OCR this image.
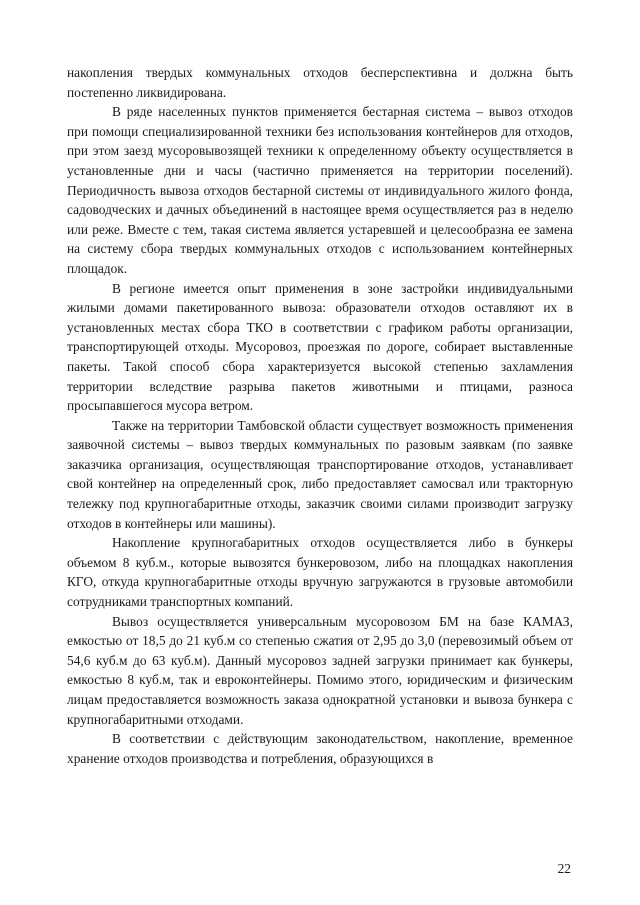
накопления твердых коммунальных отходов бесперспективна и должна быть постепенно ликвидирована.

В ряде населенных пунктов применяется бестарная система – вывоз отходов при помощи специализированной техники без использования контейнеров для отходов, при этом заезд мусоровывозящей техники к определенному объекту осуществляется в установленные дни и часы (частично применяется на территории поселений). Периодичность вывоза отходов бестарной системы от индивидуального жилого фонда, садоводческих и дачных объединений в настоящее время осуществляется раз в неделю или реже. Вместе с тем, такая система является устаревшей и целесообразна ее замена на систему сбора твердых коммунальных отходов с использованием контейнерных площадок.

В регионе имеется опыт применения в зоне застройки индивидуальными жилыми домами пакетированного вывоза: образователи отходов оставляют их в установленных местах сбора ТКО в соответствии с графиком работы организации, транспортирующей отходы. Мусоровоз, проезжая по дороге, собирает выставленные пакеты. Такой способ сбора характеризуется высокой степенью захламления территории вследствие разрыва пакетов животными и птицами, разноса просыпавшегося мусора ветром.

Также на территории Тамбовской области существует возможность применения заявочной системы – вывоз твердых коммунальных по разовым заявкам (по заявке заказчика организация, осуществляющая транспортирование отходов, устанавливает свой контейнер на определенный срок, либо предоставляет самосвал или тракторную тележку под крупногабаритные отходы, заказчик своими силами производит загрузку отходов в контейнеры или машины).

Накопление крупногабаритных отходов осуществляется либо в бункеры объемом 8 куб.м., которые вывозятся бункеровозом, либо на площадках накопления КГО, откуда крупногабаритные отходы вручную загружаются в грузовые автомобили сотрудниками транспортных компаний.

Вывоз осуществляется универсальным мусоровозом БМ на базе КАМАЗ, емкостью от 18,5 до 21 куб.м со степенью сжатия от 2,95 до 3,0 (перевозимый объем от 54,6 куб.м до 63 куб.м). Данный мусоровоз задней загрузки принимает как бункеры, емкостью 8 куб.м, так и евроконтейнеры. Помимо этого, юридическим и физическим лицам предоставляется возможность заказа однократной установки и вывоза бункера с крупногабаритными отходами.

В соответствии с действующим законодательством, накопление, временное хранение отходов производства и потребления, образующихся в

22
